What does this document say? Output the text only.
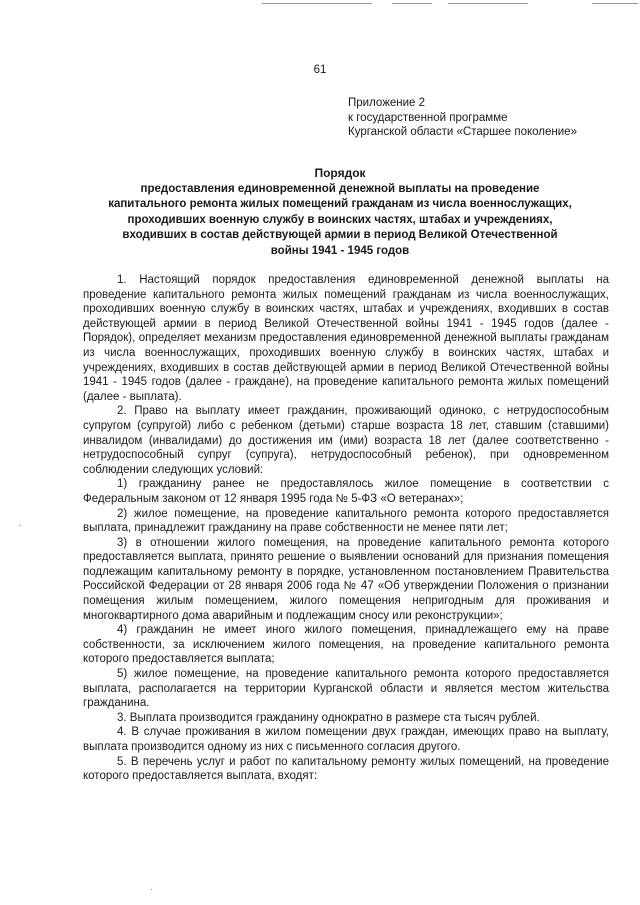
61
Приложение 2
к государственной программе
Курганской области «Старшее поколение»
Порядок
предоставления единовременной денежной выплаты на проведение
капитального ремонта жилых помещений гражданам из числа военнослужащих,
проходивших военную службу в воинских частях, штабах и учреждениях,
входивших в состав действующей армии в период Великой Отечественной
войны 1941 - 1945 годов

1. Настоящий порядок предоставления единовременной денежной выплаты на проведение капитального ремонта жилых помещений гражданам из числа военнослужащих, проходивших военную службу в воинских частях, штабах и учреждениях, входивших в состав действующей армии в период Великой Отечественной войны 1941 - 1945 годов (далее - Порядок), определяет механизм предоставления единовременной денежной выплаты гражданам из числа военнослужащих, проходивших военную службу в воинских частях, штабах и учреждениях, входивших в состав действующей армии в период Великой Отечественной войны 1941 - 1945 годов (далее - граждане), на проведение капитального ремонта жилых помещений (далее - выплата).

2. Право на выплату имеет гражданин, проживающий одиноко, с нетрудоспособным супругом (супругой) либо с ребенком (детьми) старше возраста 18 лет, ставшим (ставшими) инвалидом (инвалидами) до достижения им (ими) возраста 18 лет (далее соответственно - нетрудоспособный супруг (супруга), нетрудоспособный ребенок), при одновременном соблюдении следующих условий:

1) гражданину ранее не предоставлялось жилое помещение в соответствии с Федеральным законом от 12 января 1995 года № 5-ФЗ «О ветеранах»;

2) жилое помещение, на проведение капитального ремонта которого предоставляется выплата, принадлежит гражданину на праве собственности не менее пяти лет;

3) в отношении жилого помещения, на проведение капитального ремонта которого предоставляется выплата, принято решение о выявлении оснований для признания помещения подлежащим капитальному ремонту в порядке, установленном постановлением Правительства Российской Федерации от 28 января 2006 года № 47 «Об утверждении Положения о признании помещения жилым помещением, жилого помещения непригодным для проживания и многоквартирного дома аварийным и подлежащим сносу или реконструкции»;

4) гражданин не имеет иного жилого помещения, принадлежащего ему на праве собственности, за исключением жилого помещения, на проведение капитального ремонта которого предоставляется выплата;

5) жилое помещение, на проведение капитального ремонта которого предоставляется выплата, располагается на территории Курганской области и является местом жительства гражданина.

3. Выплата производится гражданину однократно в размере ста тысяч рублей.

4. В случае проживания в жилом помещении двух граждан, имеющих право на выплату, выплата производится одному из них с письменного согласия другого.

5. В перечень услуг и работ по капитальному ремонту жилых помещений, на проведение которого предоставляется выплата, входят:

·
·
